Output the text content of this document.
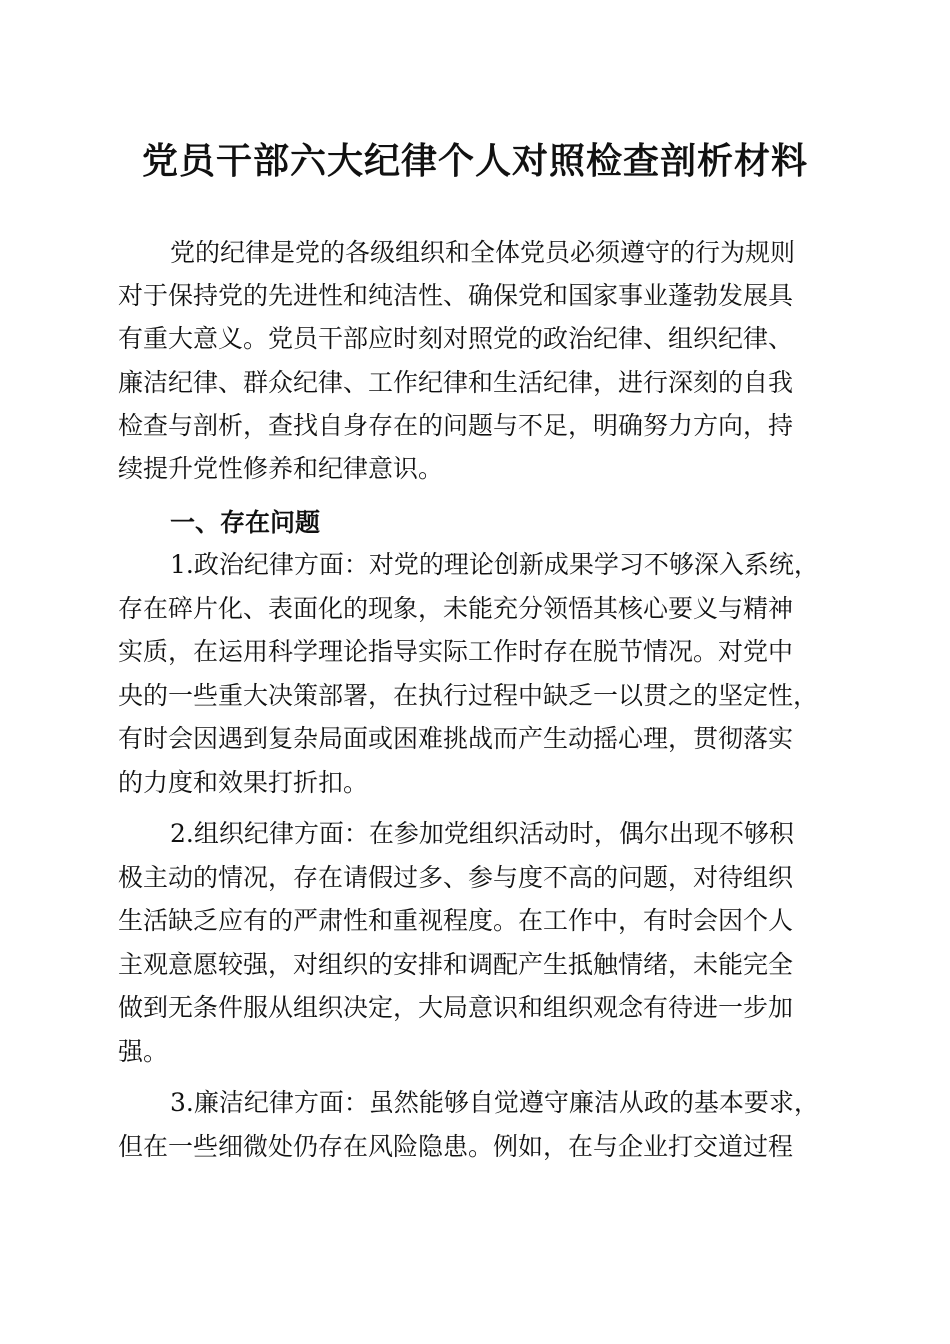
党员干部六大纪律个人对照检查剖析材料
党的纪律是党的各级组织和全体党员必须遵守的行为规则
对于保持党的先进性和纯洁性、确保党和国家事业蓬勃发展具
有重大意义。党员干部应时刻对照党的政治纪律、组织纪律、
廉洁纪律、群众纪律、工作纪律和生活纪律，进行深刻的自我
检查与剖析，查找自身存在的问题与不足，明确努力方向，持
续提升党性修养和纪律意识。
一、存在问题
1.政治纪律方面：对党的理论创新成果学习不够深入系统，
存在碎片化、表面化的现象，未能充分领悟其核心要义与精神
实质，在运用科学理论指导实际工作时存在脱节情况。对党中
央的一些重大决策部署，在执行过程中缺乏一以贯之的坚定性，
有时会因遇到复杂局面或困难挑战而产生动摇心理，贯彻落实
的力度和效果打折扣。
2.组织纪律方面：在参加党组织活动时，偶尔出现不够积
极主动的情况，存在请假过多、参与度不高的问题，对待组织
生活缺乏应有的严肃性和重视程度。在工作中，有时会因个人
主观意愿较强，对组织的安排和调配产生抵触情绪，未能完全
做到无条件服从组织决定，大局意识和组织观念有待进一步加
强。
3.廉洁纪律方面：虽然能够自觉遵守廉洁从政的基本要求，
但在一些细微处仍存在风险隐患。例如，在与企业打交道过程
